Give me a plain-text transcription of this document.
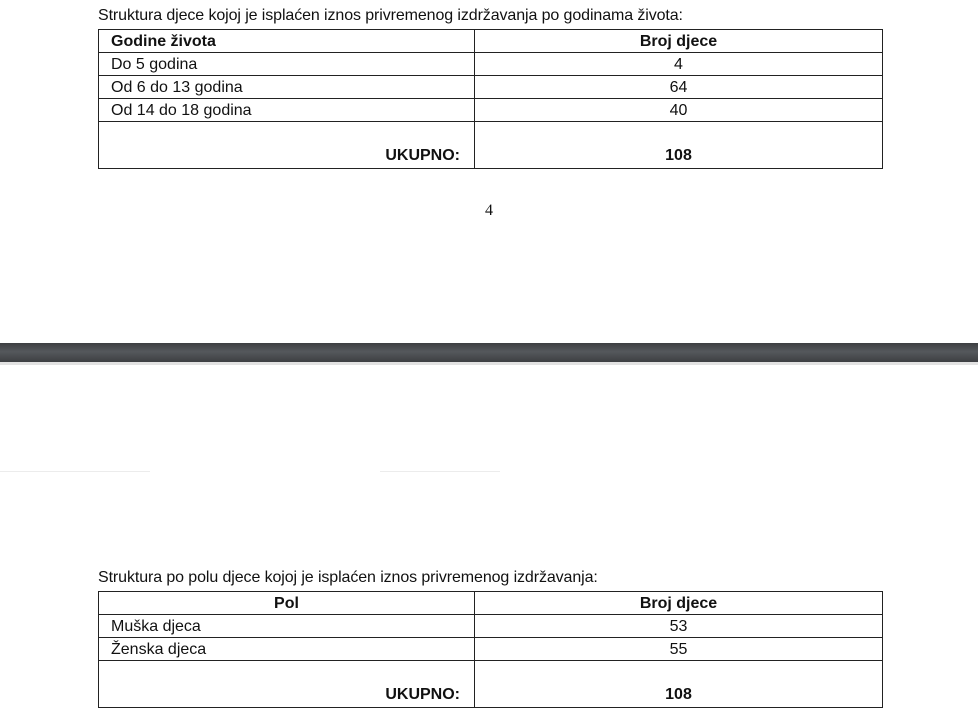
Struktura djece kojoj je isplaćen iznos privremenog izdržavanja po godinama života:
Godine života	Broj djece
Do 5 godina	4
Od 6 do 13 godina	64
Od 14 do 18 godina	40
UKUPNO:	108
4
Struktura po polu djece kojoj je isplaćen iznos privremenog izdržavanja:
Pol	Broj djece
Muška djeca	53
Ženska djeca	55
UKUPNO:	108
